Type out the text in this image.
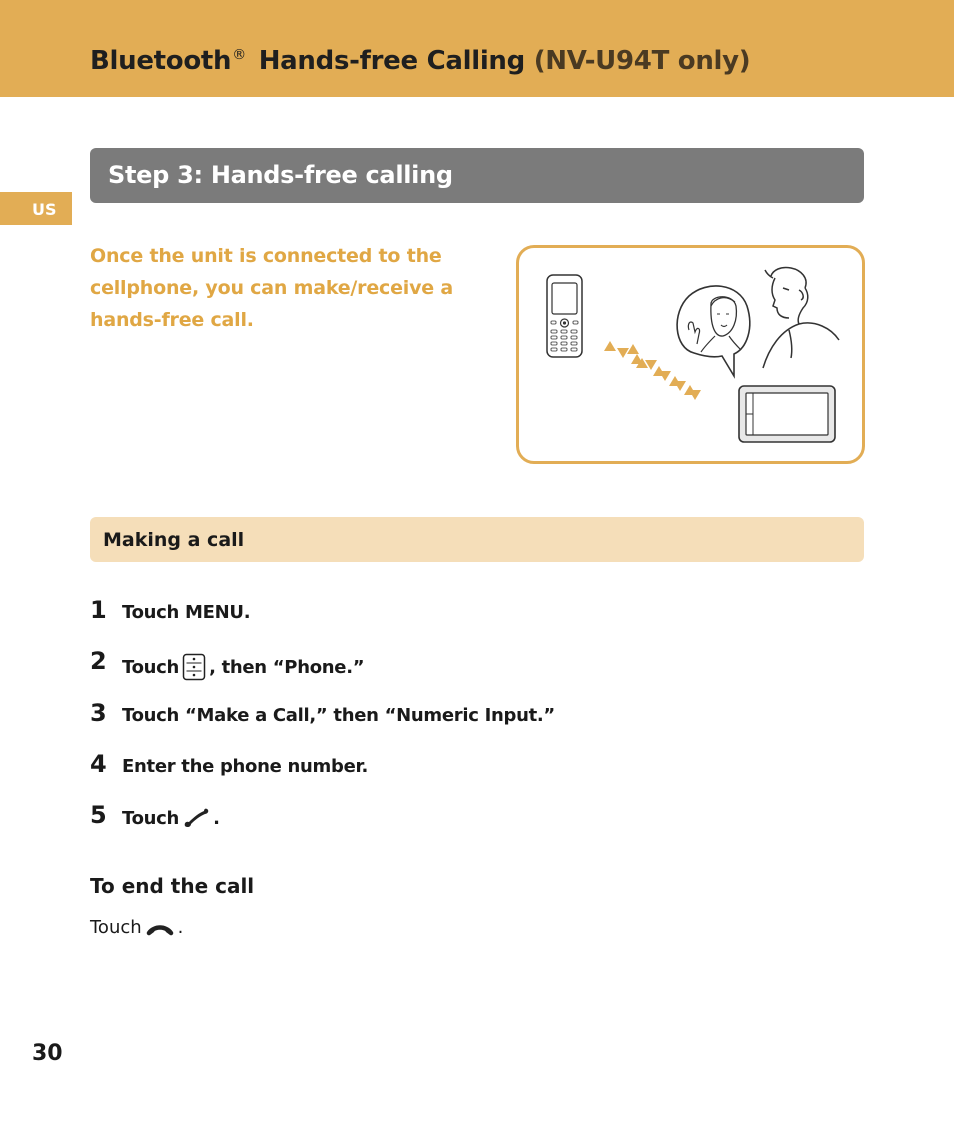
Bluetooth® Hands-free Calling (NV-U94T only)
US
Step 3: Hands-free calling
Once the unit is connected to the cellphone, you can make/receive a hands-free call.
Making a call
1 Touch MENU.
2 Touch , then “Phone.”
3 Touch “Make a Call,” then “Numeric Input.”
4 Enter the phone number.
5 Touch .
To end the call
Touch .
30
